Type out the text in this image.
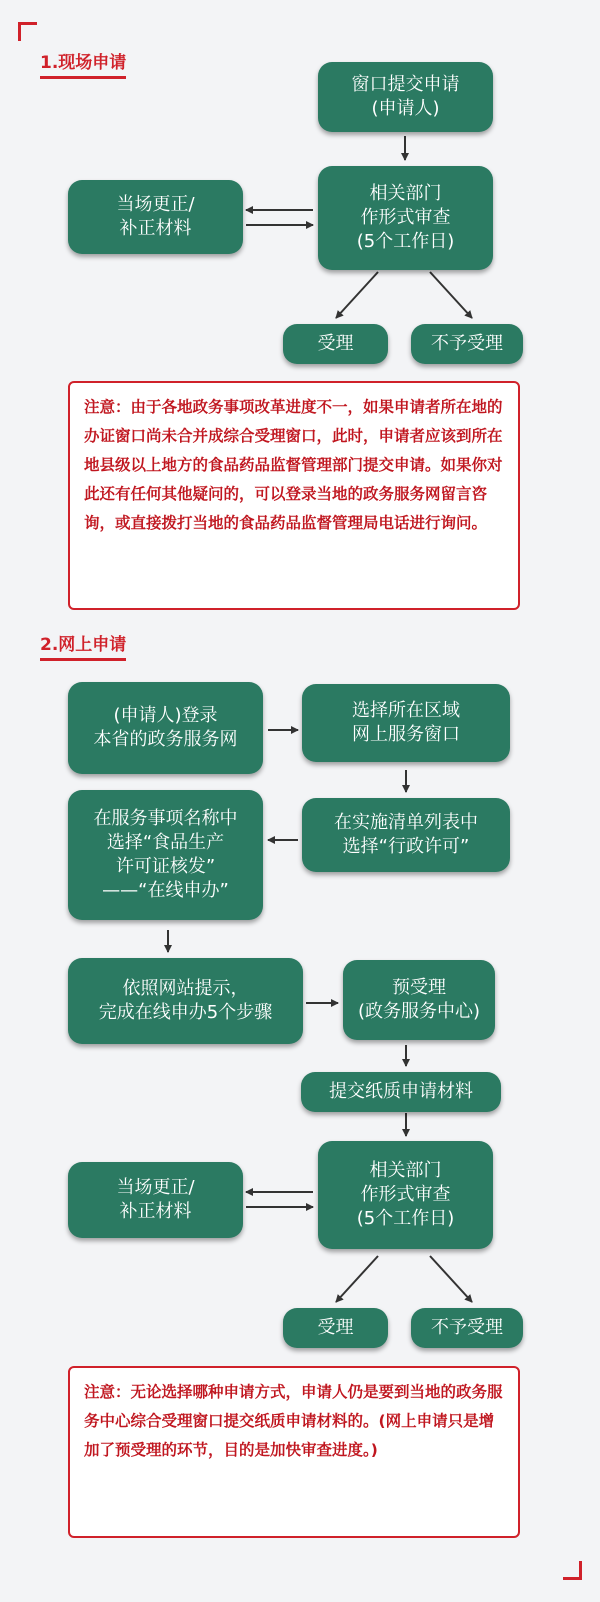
1.现场申请
窗口提交申请
(申请人)
相关部门
作形式审查
(5个工作日)
当场更正/
补正材料
受理	不予受理
注意：由于各地政务事项改革进度不一，如果申请者所在地的办证窗口尚未合并成综合受理窗口，此时，申请者应该到所在地县级以上地方的食品药品监督管理部门提交申请。如果你对此还有任何其他疑问的，可以登录当地的政务服务网留言咨询，或直接拨打当地的食品药品监督管理局电话进行询问。
2.网上申请
(申请人)登录
本省的政务服务网
选择所在区域
网上服务窗口
在实施清单列表中
选择“行政许可”
在服务事项名称中
选择“食品生产
许可证核发”
——“在线申办”
依照网站提示，
完成在线申办5个步骤
预受理
(政务服务中心)
提交纸质申请材料
相关部门
作形式审查
(5个工作日)
当场更正/
补正材料
受理	不予受理
注意：无论选择哪种申请方式，申请人仍是要到当地的政务服务中心综合受理窗口提交纸质申请材料的。(网上申请只是增加了预受理的环节，目的是加快审查进度。)
